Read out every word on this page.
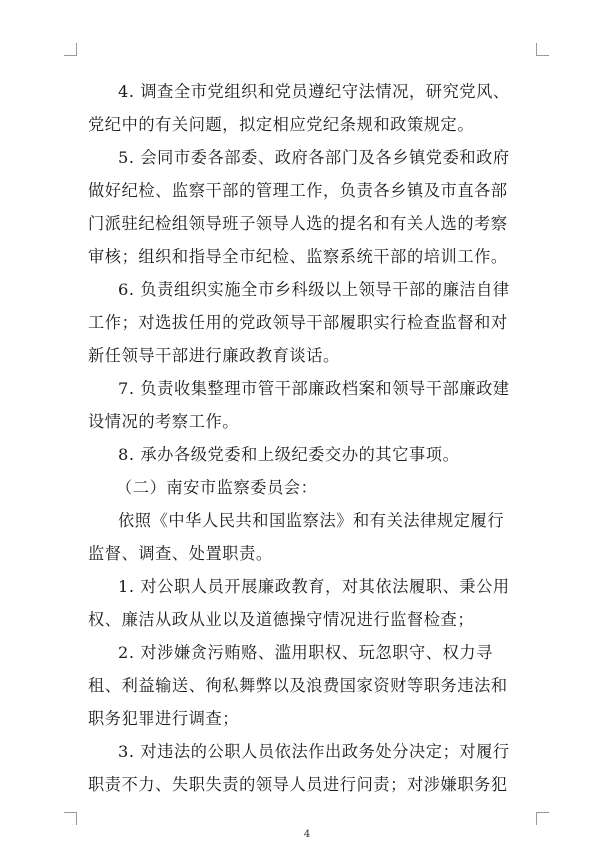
4. 调查全市党组织和党员遵纪守法情况，研究党风、
党纪中的有关问题，拟定相应党纪条规和政策规定。
5. 会同市委各部委、政府各部门及各乡镇党委和政府
做好纪检、监察干部的管理工作，负责各乡镇及市直各部
门派驻纪检组领导班子领导人选的提名和有关人选的考察
审核；组织和指导全市纪检、监察系统干部的培训工作。
6. 负责组织实施全市乡科级以上领导干部的廉洁自律
工作；对选拔任用的党政领导干部履职实行检查监督和对
新任领导干部进行廉政教育谈话。
7. 负责收集整理市管干部廉政档案和领导干部廉政建
设情况的考察工作。
8. 承办各级党委和上级纪委交办的其它事项。
（二）南安市监察委员会：
依照《中华人民共和国监察法》和有关法律规定履行
监督、调查、处置职责。
1. 对公职人员开展廉政教育，对其依法履职、秉公用
权、廉洁从政从业以及道德操守情况进行监督检查；
2. 对涉嫌贪污贿赂、滥用职权、玩忽职守、权力寻
租、利益输送、徇私舞弊以及浪费国家资财等职务违法和
职务犯罪进行调查；
3. 对违法的公职人员依法作出政务处分决定；对履行
职责不力、失职失责的领导人员进行问责；对涉嫌职务犯
4
